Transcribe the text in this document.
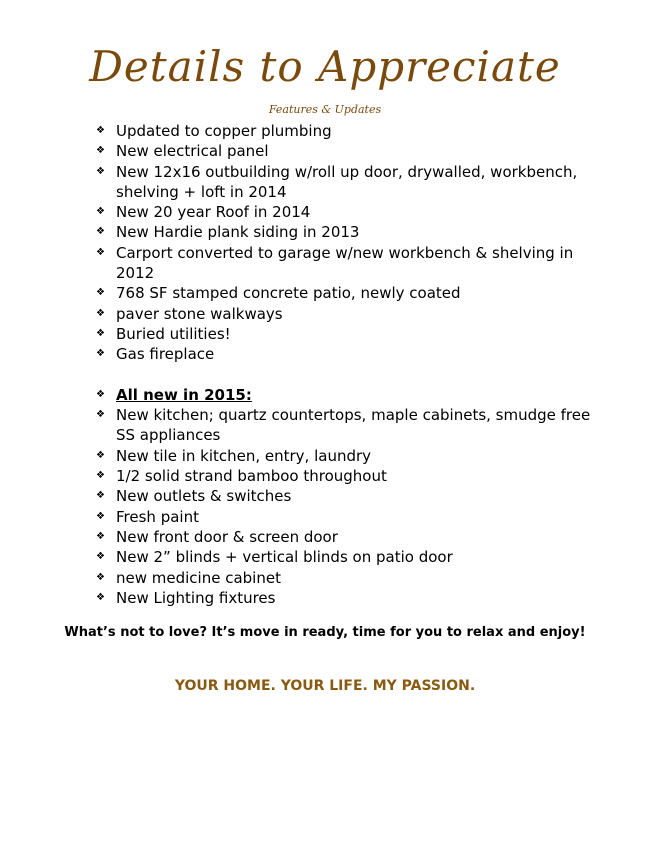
Details to Appreciate
Features & Updates
❖ Updated to copper plumbing
❖ New electrical panel
❖ New 12x16 outbuilding w/roll up door, drywalled, workbench, shelving + loft in 2014
❖ New 20 year Roof in 2014
❖ New Hardie plank siding in 2013
❖ Carport converted to garage w/new workbench & shelving in 2012
❖ 768 SF stamped concrete patio, newly coated
❖ paver stone walkways
❖ Buried utilities!
❖ Gas fireplace
❖ All new in 2015:
❖ New kitchen; quartz countertops, maple cabinets, smudge free SS appliances
❖ New tile in kitchen, entry, laundry
❖ 1/2 solid strand bamboo throughout
❖ New outlets & switches
❖ Fresh paint
❖ New front door & screen door
❖ New 2” blinds + vertical blinds on patio door
❖ new medicine cabinet
❖ New Lighting fixtures
What’s not to love? It’s move in ready, time for you to relax and enjoy!
YOUR HOME. YOUR LIFE. MY PASSION.
